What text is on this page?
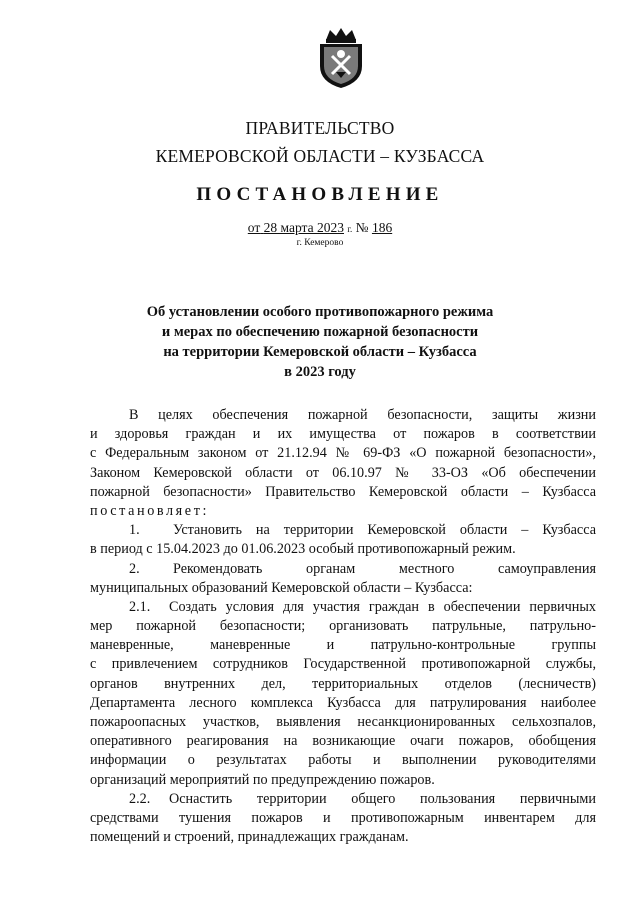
ПРАВИТЕЛЬСТВО
КЕМЕРОВСКОЙ ОБЛАСТИ – КУЗБАССА
ПОСТАНОВЛЕНИЕ
от 28 марта 2023 г. № 186
г. Кемерово
Об установлении особого противопожарного режима
и мерах по обеспечению пожарной безопасности
на территории Кемеровской области – Кузбасса
в 2023 году
В целях обеспечения пожарной безопасности, защиты жизни
и здоровья граждан и их имущества от пожаров в соответствии
с Федеральным законом от 21.12.94 № 69-ФЗ «О пожарной безопасности»,
Законом Кемеровской области от 06.10.97 № 33-ОЗ «Об обеспечении
пожарной безопасности» Правительство Кемеровской области – Кузбасса
постановляет:
1.	Установить на территории Кемеровской области – Кузбасса
в период с 15.04.2023 до 01.06.2023 особый противопожарный режим.
2.	Рекомендовать органам местного самоуправления
муниципальных образований Кемеровской области – Кузбасса:
2.1.	Создать условия для участия граждан в обеспечении первичных
мер пожарной безопасности; организовать патрульные, патрульно-
маневренные, маневренные и патрульно-контрольные группы
с привлечением сотрудников Государственной противопожарной службы,
органов внутренних дел, территориальных отделов (лесничеств)
Департамента лесного комплекса Кузбасса для патрулирования наиболее
пожароопасных участков, выявления несанкционированных сельхозпалов,
оперативного реагирования на возникающие очаги пожаров, обобщения
информации о результатах работы и выполнении руководителями
организаций мероприятий по предупреждению пожаров.
2.2.	Оснастить территории общего пользования первичными
средствами тушения пожаров и противопожарным инвентарем для
помещений и строений, принадлежащих гражданам.
